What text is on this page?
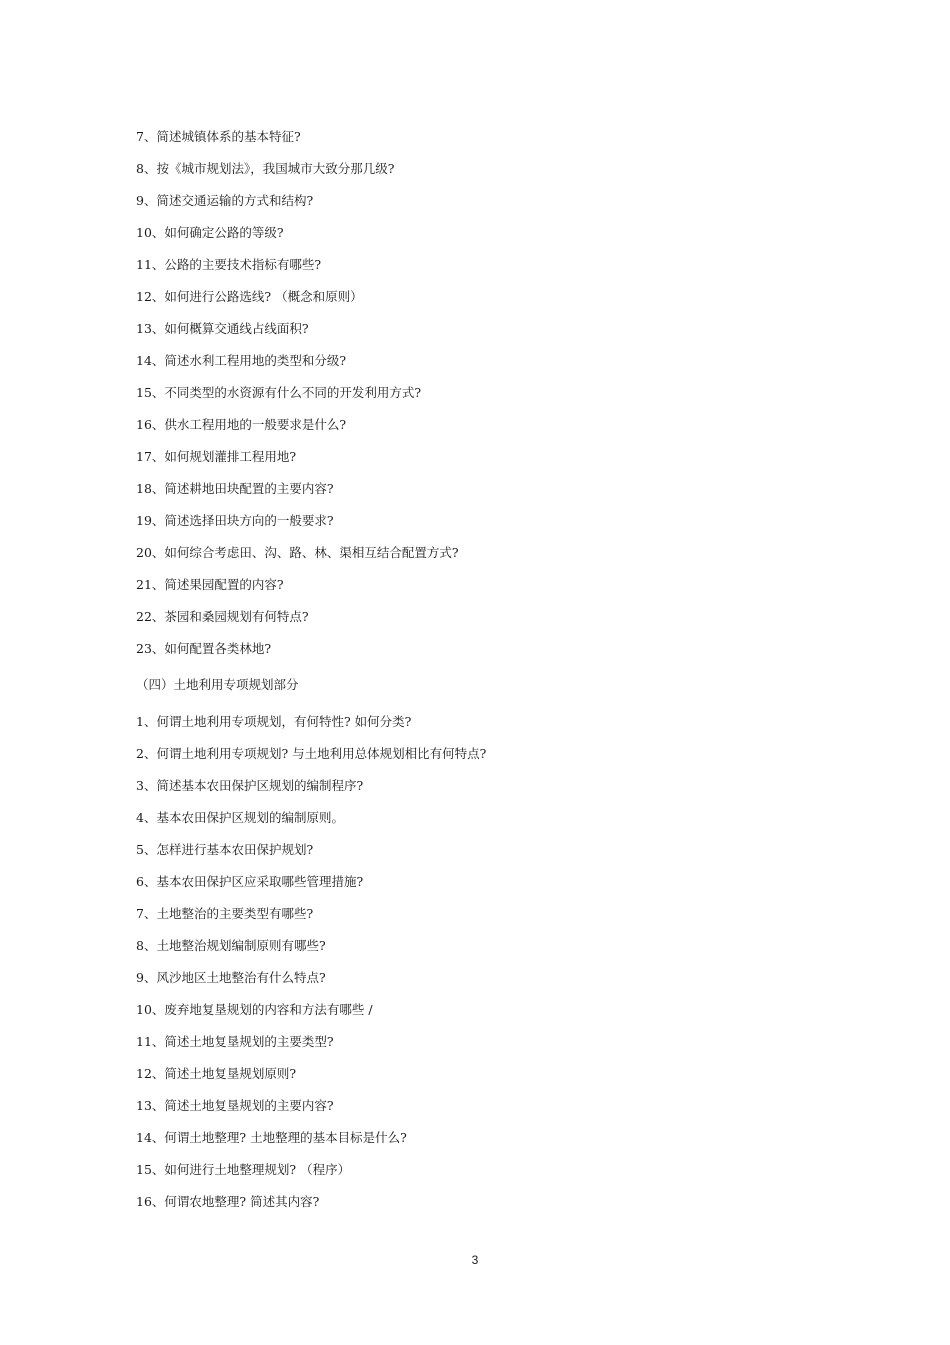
7、简述城镇体系的基本特征?
8、按《城市规划法》，我国城市大致分那几级?
9、简述交通运输的方式和结构?
10、如何确定公路的等级?
11、公路的主要技术指标有哪些?
12、如何进行公路选线? （概念和原则）
13、如何概算交通线占线面积?
14、简述水利工程用地的类型和分级?
15、不同类型的水资源有什么不同的开发利用方式?
16、供水工程用地的一般要求是什么?
17、如何规划灌排工程用地?
18、简述耕地田块配置的主要内容?
19、简述选择田块方向的一般要求?
20、如何综合考虑田、沟、路、林、渠相互结合配置方式?
21、简述果园配置的内容?
22、茶园和桑园规划有何特点?
23、如何配置各类林地?
（四）土地利用专项规划部分
1、何谓土地利用专项规划，有何特性? 如何分类?
2、何谓土地利用专项规划? 与土地利用总体规划相比有何特点?
3、简述基本农田保护区规划的编制程序?
4、基本农田保护区规划的编制原则。
5、怎样进行基本农田保护规划?
6、基本农田保护区应采取哪些管理措施?
7、土地整治的主要类型有哪些?
8、土地整治规划编制原则有哪些?
9、风沙地区土地整治有什么特点?
10、废弃地复垦规划的内容和方法有哪些 /
11、简述土地复垦规划的主要类型?
12、简述土地复垦规划原则?
13、简述土地复垦规划的主要内容?
14、何谓土地整理? 土地整理的基本目标是什么?
15、如何进行土地整理规划? （程序）
16、何谓农地整理? 简述其内容?
3
